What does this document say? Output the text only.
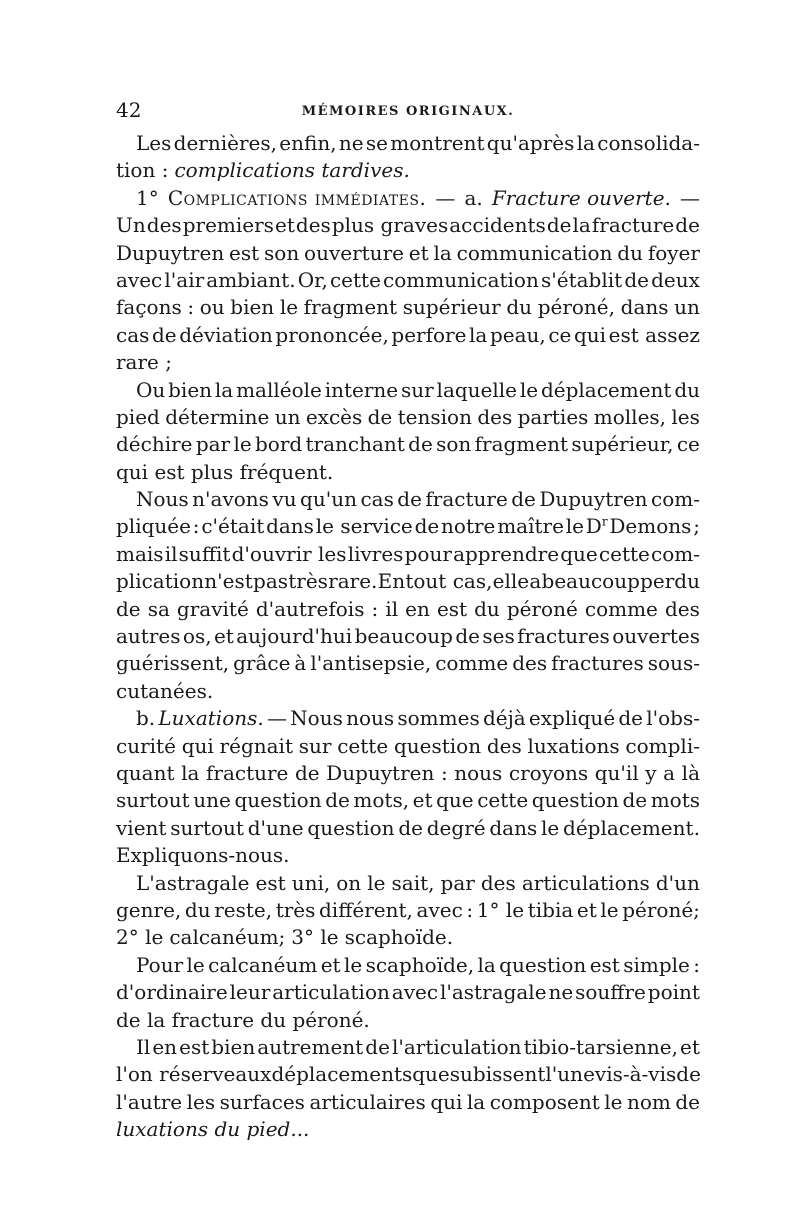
42	MÉMOIRES ORIGINAUX.
Les dernières, enfin, ne se montrent qu'après la consolida-
tion : complications tardives.
1° Complications immédiates. — a. Fracture ouverte. —
Un des premiers et des plus graves accidents de la fracture de
Dupuytren est son ouverture et la communication du foyer
avec l'air ambiant. Or, cette communication s'établit de deux
façons : ou bien le fragment supérieur du péroné, dans un
cas de déviation prononcée, perfore la peau, ce qui est assez
rare ;
Ou bien la malléole interne sur laquelle le déplacement du
pied détermine un excès de tension des parties molles, les
déchire par le bord tranchant de son fragment supérieur, ce
qui est plus fréquent.
Nous n'avons vu qu'un cas de fracture de Dupuytren com-
pliquée : c'était dans le service de notre maître le $D^r$ Demons ;
mais il suffit d'ouvrir les livres pour apprendre que cette com-
plication n'est pas très rare. En tout cas, elle a beaucoup perdu
de sa gravité d'autrefois : il en est du péroné comme des
autres os, et aujourd'hui beaucoup de ses fractures ouvertes
guérissent, grâce à l'antisepsie, comme des fractures sous-
cutanées.
b. Luxations. — Nous nous sommes déjà expliqué de l'obs-
curité qui régnait sur cette question des luxations compli-
quant la fracture de Dupuytren : nous croyons qu'il y a là
surtout une question de mots, et que cette question de mots
vient surtout d'une question de degré dans le déplacement.
Expliquons-nous.
L'astragale est uni, on le sait, par des articulations d'un
genre, du reste, très différent, avec : 1° le tibia et le péroné;
2° le calcanéum; 3° le scaphoïde.
Pour le calcanéum et le scaphoïde, la question est simple :
d'ordinaire leur articulation avec l'astragale ne souffre point
de la fracture du péroné.
Il en est bien autrement de l'articulation tibio-tarsienne, et
l'on réserve aux déplacements que subissent l'une vis-à-vis de
l'autre les surfaces articulaires qui la composent le nom de
luxations du pied...
